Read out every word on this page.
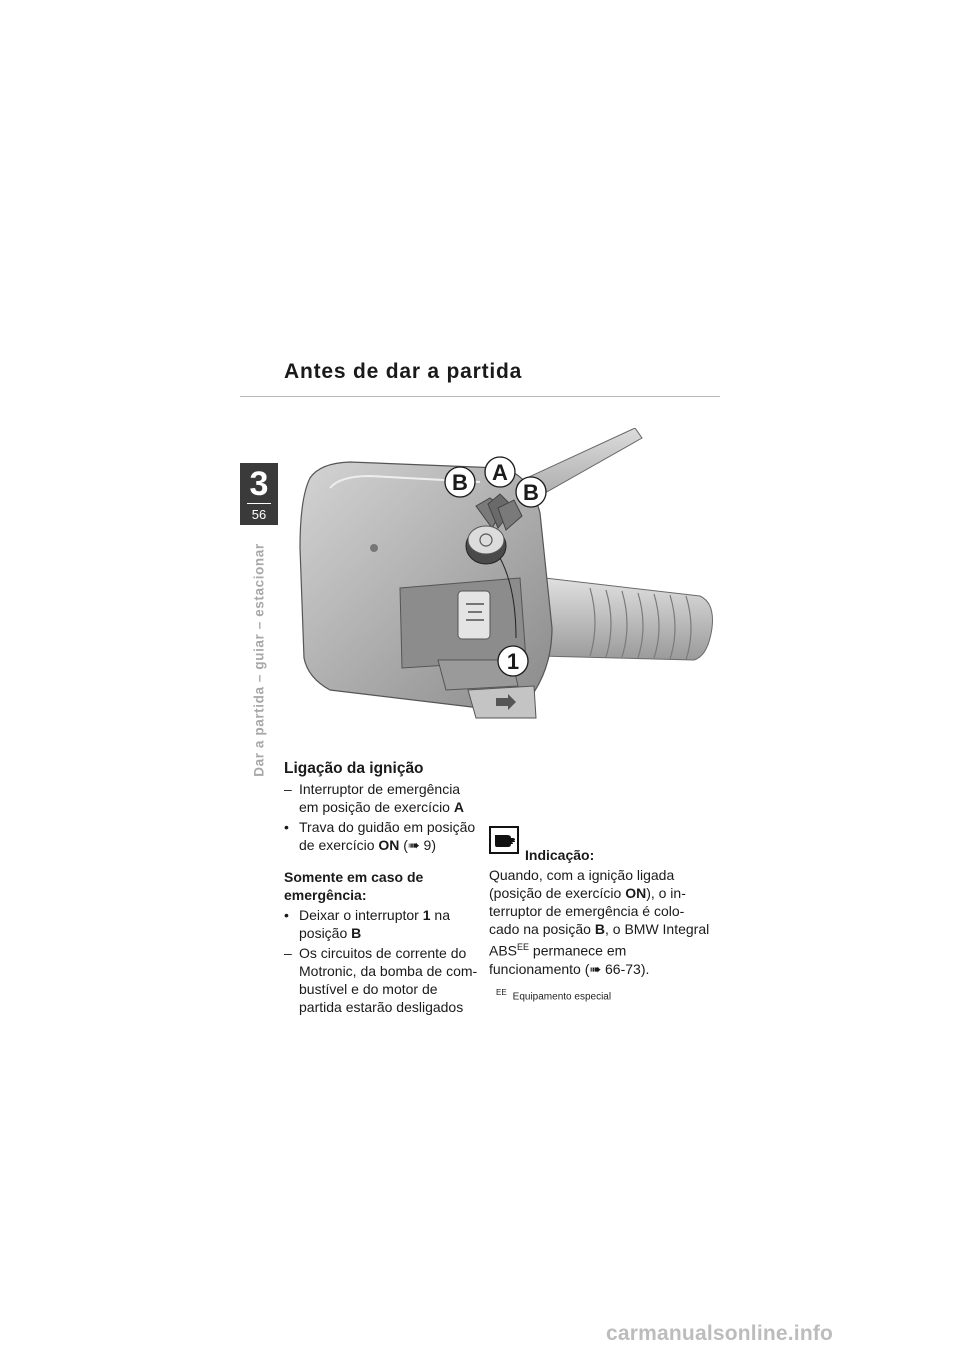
Antes de dar a partida
3
56
Dar a partida – guiar – estacionar
B A
B
1
Ligação da ignição
– Interruptor de emergência em posição de exercício A
• Trava do guidão em posição de exercício ON (➠ 9)
Somente em caso de emergência:
• Deixar o interruptor 1 na posição B
– Os circuitos de corrente do Motronic, da bomba de com-bustível e do motor de partida estarão desligados
Indicação:

Quando, com a ignição ligada (posição de exercício ON), o in-terruptor de emergência é colo-cado na posição B, o BMW Integral $ABS^{EE}$ permanece em funcionamento (➠ 66-73).

$^{EE}$ Equipamento especial
carmanualsonline.info
